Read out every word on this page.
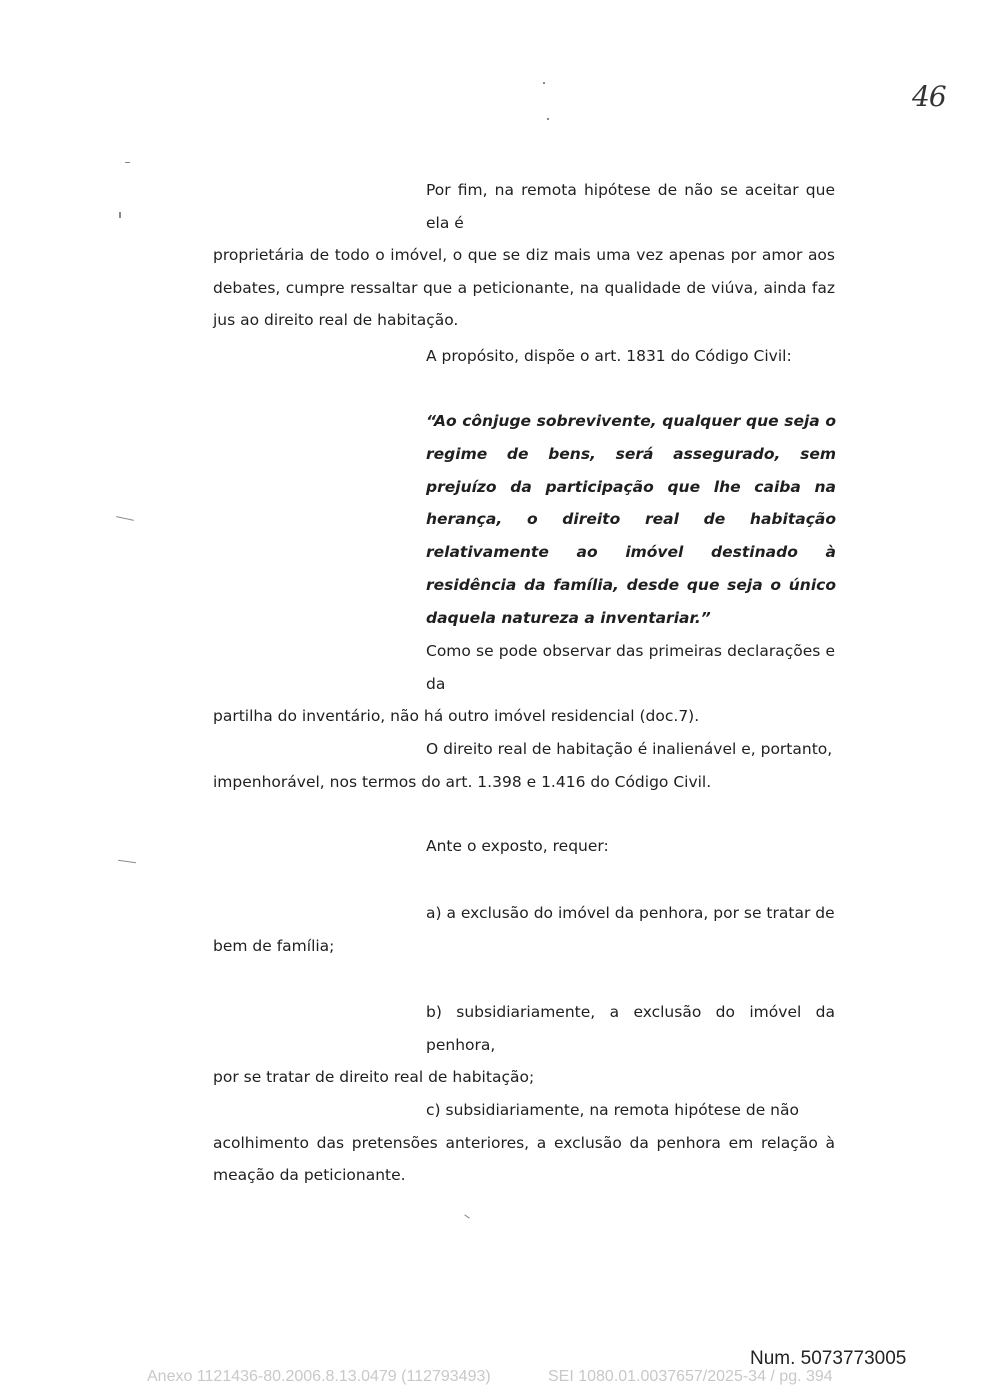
46

Por fim, na remota hipótese de não se aceitar que ela é
proprietária de todo o imóvel, o que se diz mais uma vez apenas por amor aos debates, cumpre ressaltar que a peticionante, na qualidade de viúva, ainda faz jus ao direito real de habitação.

A propósito, dispõe o art. 1831 do Código Civil:

“Ao cônjuge sobrevivente, qualquer que seja o regime de bens, será assegurado, sem prejuízo da participação que lhe caiba na herança, o direito real de habitação relativamente ao imóvel destinado à residência da família, desde que seja o único daquela natureza a inventariar.”

Como se pode observar das primeiras declarações e da
partilha do inventário, não há outro imóvel residencial (doc.7).

O direito real de habitação é inalienável e, portanto,
impenhorável, nos termos do art. 1.398 e 1.416 do Código Civil.

Ante o exposto, requer:

a) a exclusão do imóvel da penhora, por se tratar de
bem de família;

b) subsidiariamente, a exclusão do imóvel da penhora,
por se tratar de direito real de habitação;

c) subsidiariamente, na remota hipótese de não
acolhimento das pretensões anteriores, a exclusão da penhora em relação à meação da peticionante.

Num. 5073773005
Anexo 1121436-80.2006.8.13.0479 (112793493)	SEI 1080.01.0037657/2025-34 / pg. 394
